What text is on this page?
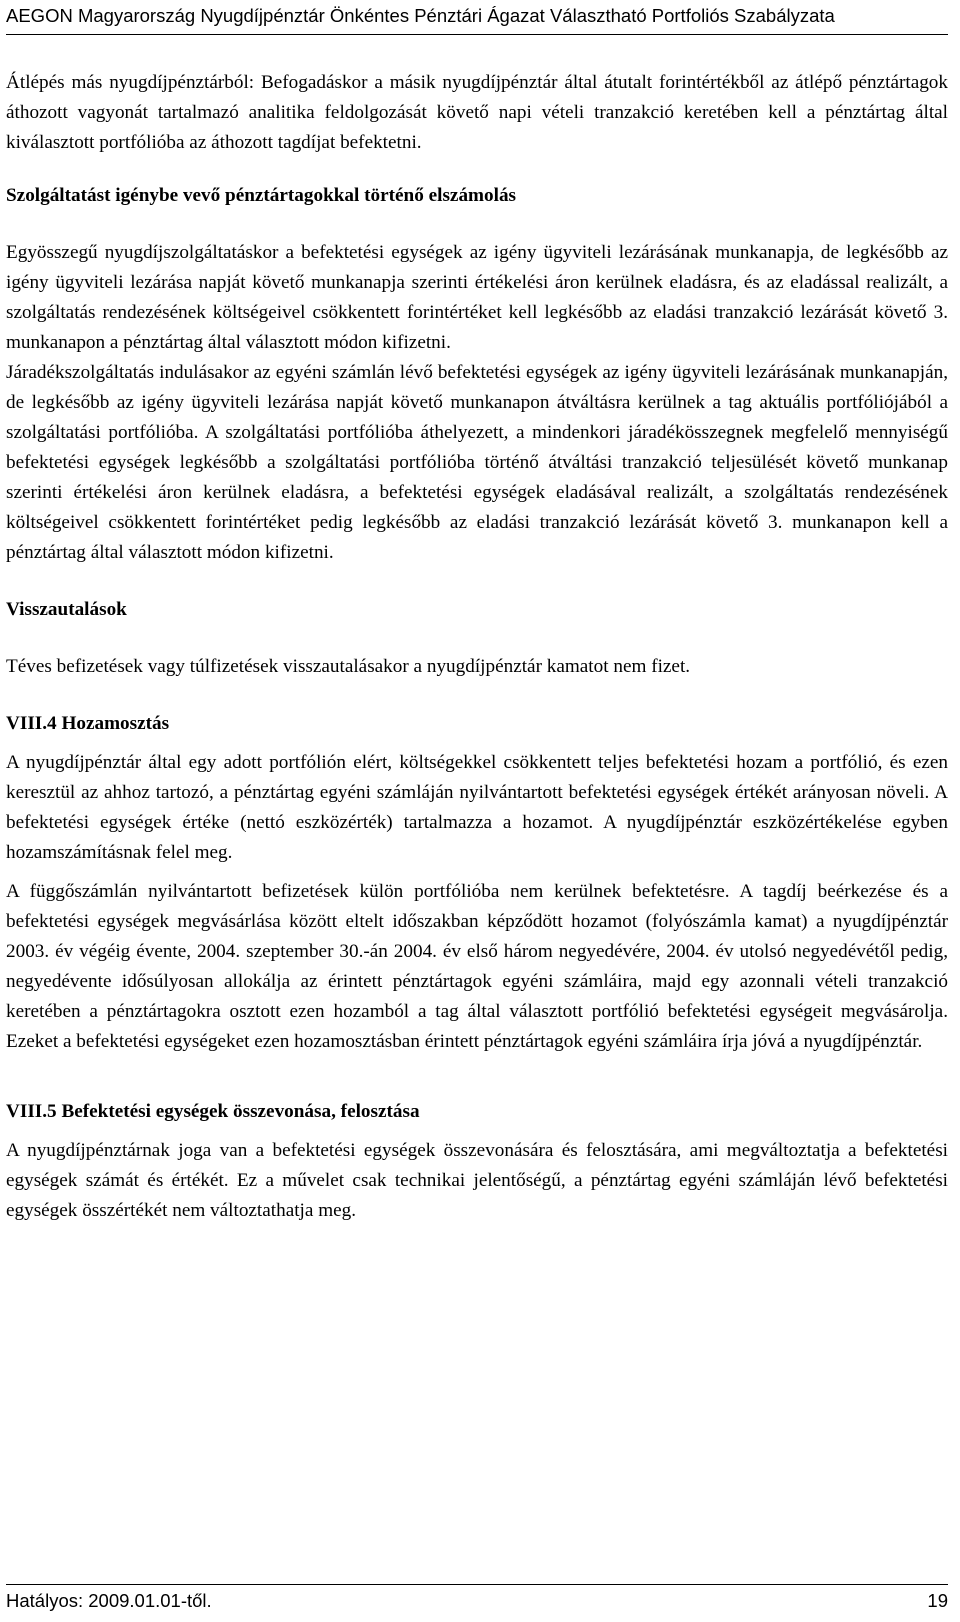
AEGON Magyarország Nyugdíjpénztár Önkéntes Pénztári Ágazat Választható Portfoliós Szabályzata

Átlépés más nyugdíjpénztárból: Befogadáskor a másik nyugdíjpénztár által átutalt forintértékből az átlépő pénztártagok áthozott vagyonát tartalmazó analitika feldolgozását követő napi vételi tranzakció keretében kell a pénztártag által kiválasztott portfólióba az áthozott tagdíjat befektetni.

Szolgáltatást igénybe vevő pénztártagokkal történő elszámolás

Egyösszegű nyugdíjszolgáltatáskor a befektetési egységek az igény ügyviteli lezárásának munkanapja, de legkésőbb az igény ügyviteli lezárása napját követő munkanapja szerinti értékelési áron kerülnek eladásra, és az eladással realizált, a szolgáltatás rendezésének költségeivel csökkentett forintértéket kell legkésőbb az eladási tranzakció lezárását követő 3. munkanapon a pénztártag által választott módon kifizetni.

Járadékszolgáltatás indulásakor az egyéni számlán lévő befektetési egységek az igény ügyviteli lezárásának munkanapján, de legkésőbb az igény ügyviteli lezárása napját követő munkanapon átváltásra kerülnek a tag aktuális portfóliójából a szolgáltatási portfólióba. A szolgáltatási portfólióba áthelyezett, a mindenkori járadékösszegnek megfelelő mennyiségű befektetési egységek legkésőbb a szolgáltatási portfólióba történő átváltási tranzakció teljesülését követő munkanap szerinti értékelési áron kerülnek eladásra, a befektetési egységek eladásával realizált, a szolgáltatás rendezésének költségeivel csökkentett forintértéket pedig legkésőbb az eladási tranzakció lezárását követő 3. munkanapon kell a pénztártag által választott módon kifizetni.

Visszautalások

Téves befizetések vagy túlfizetések visszautalásakor a nyugdíjpénztár kamatot nem fizet.

VIII.4 Hozamosztás

A nyugdíjpénztár által egy adott portfólión elért, költségekkel csökkentett teljes befektetési hozam a portfólió, és ezen keresztül az ahhoz tartozó, a pénztártag egyéni számláján nyilvántartott befektetési egységek értékét arányosan növeli. A befektetési egységek értéke (nettó eszközérték) tartalmazza a hozamot. A nyugdíjpénztár eszközértékelése egyben hozamszámításnak felel meg.

A függőszámlán nyilvántartott befizetések külön portfólióba nem kerülnek befektetésre. A tagdíj beérkezése és a befektetési egységek megvásárlása között eltelt időszakban képződött hozamot (folyószámla kamat) a nyugdíjpénztár 2003. év végéig évente, 2004. szeptember 30.-án 2004. év első három negyedévére, 2004. év utolsó negyedévétől pedig, negyedévente idősúlyosan allokálja az érintett pénztártagok egyéni számláira, majd egy azonnali vételi tranzakció keretében a pénztártagokra osztott ezen hozamból a tag által választott portfólió befektetési egységeit megvásárolja. Ezeket a befektetési egységeket ezen hozamosztásban érintett pénztártagok egyéni számláira írja jóvá a nyugdíjpénztár.

VIII.5 Befektetési egységek összevonása, felosztása

A nyugdíjpénztárnak joga van a befektetési egységek összevonására és felosztására, ami megváltoztatja a befektetési egységek számát és értékét. Ez a művelet csak technikai jelentőségű, a pénztártag egyéni számláján lévő befektetési egységek összértékét nem változtathatja meg.

Hatályos: 2009.01.01-től.	19
